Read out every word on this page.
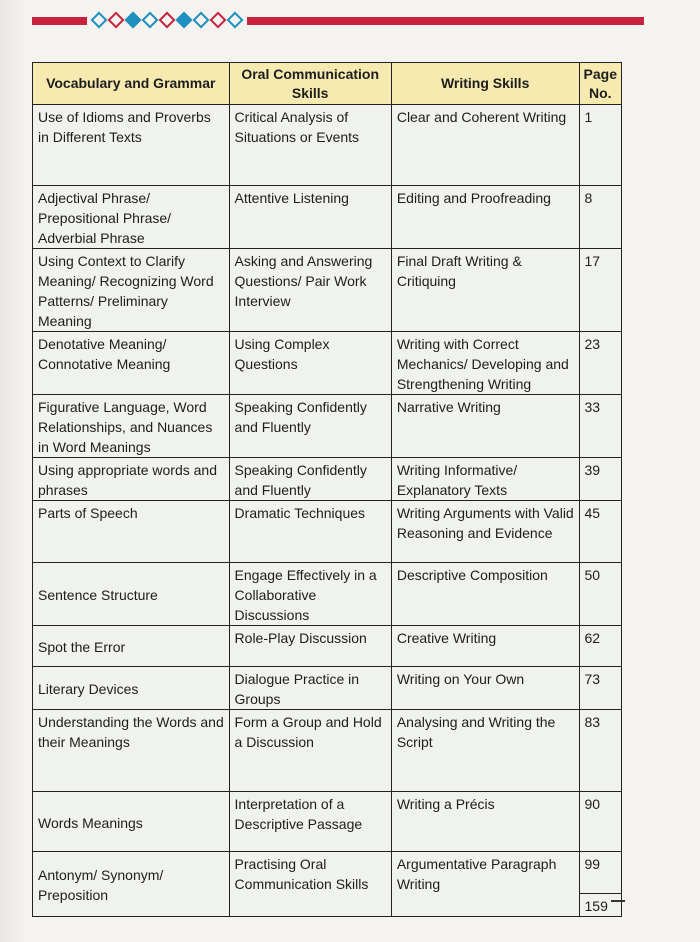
Vocabulary and Grammar	Oral Communication Skills	Writing Skills	Page No.
Use of Idioms and Proverbs in Different Texts	Critical Analysis of Situations or Events	Clear and Coherent Writing	1
Adjectival Phrase/ Prepositional Phrase/ Adverbial Phrase	Attentive Listening	Editing and Proofreading	8
Using Context to Clarify Meaning/ Recognizing Word Patterns/ Preliminary Meaning	Asking and Answering Questions/ Pair Work Interview	Final Draft Writing & Critiquing	17
Denotative Meaning/ Connotative Meaning	Using Complex Questions	Writing with Correct Mechanics/ Developing and Strengthening Writing	23
Figurative Language, Word Relationships, and Nuances in Word Meanings	Speaking Confidently and Fluently	Narrative Writing	33
Using appropriate words and phrases	Speaking Confidently and Fluently	Writing Informative/ Explanatory Texts	39
Parts of Speech	Dramatic Techniques	Writing Arguments with Valid Reasoning and Evidence	45
Sentence Structure	Engage Effectively in a Collaborative Discussions	Descriptive Composition	50
Spot the Error	Role-Play Discussion	Creative Writing	62
Literary Devices	Dialogue Practice in Groups	Writing on Your Own	73
Understanding the Words and their Meanings	Form a Group and Hold a Discussion	Analysing and Writing the Script	83
Words Meanings	Interpretation of a Descriptive Passage	Writing a Précis	90
Antonym/ Synonym/ Preposition	Practising Oral Communication Skills	Argumentative Paragraph Writing	99
			159
